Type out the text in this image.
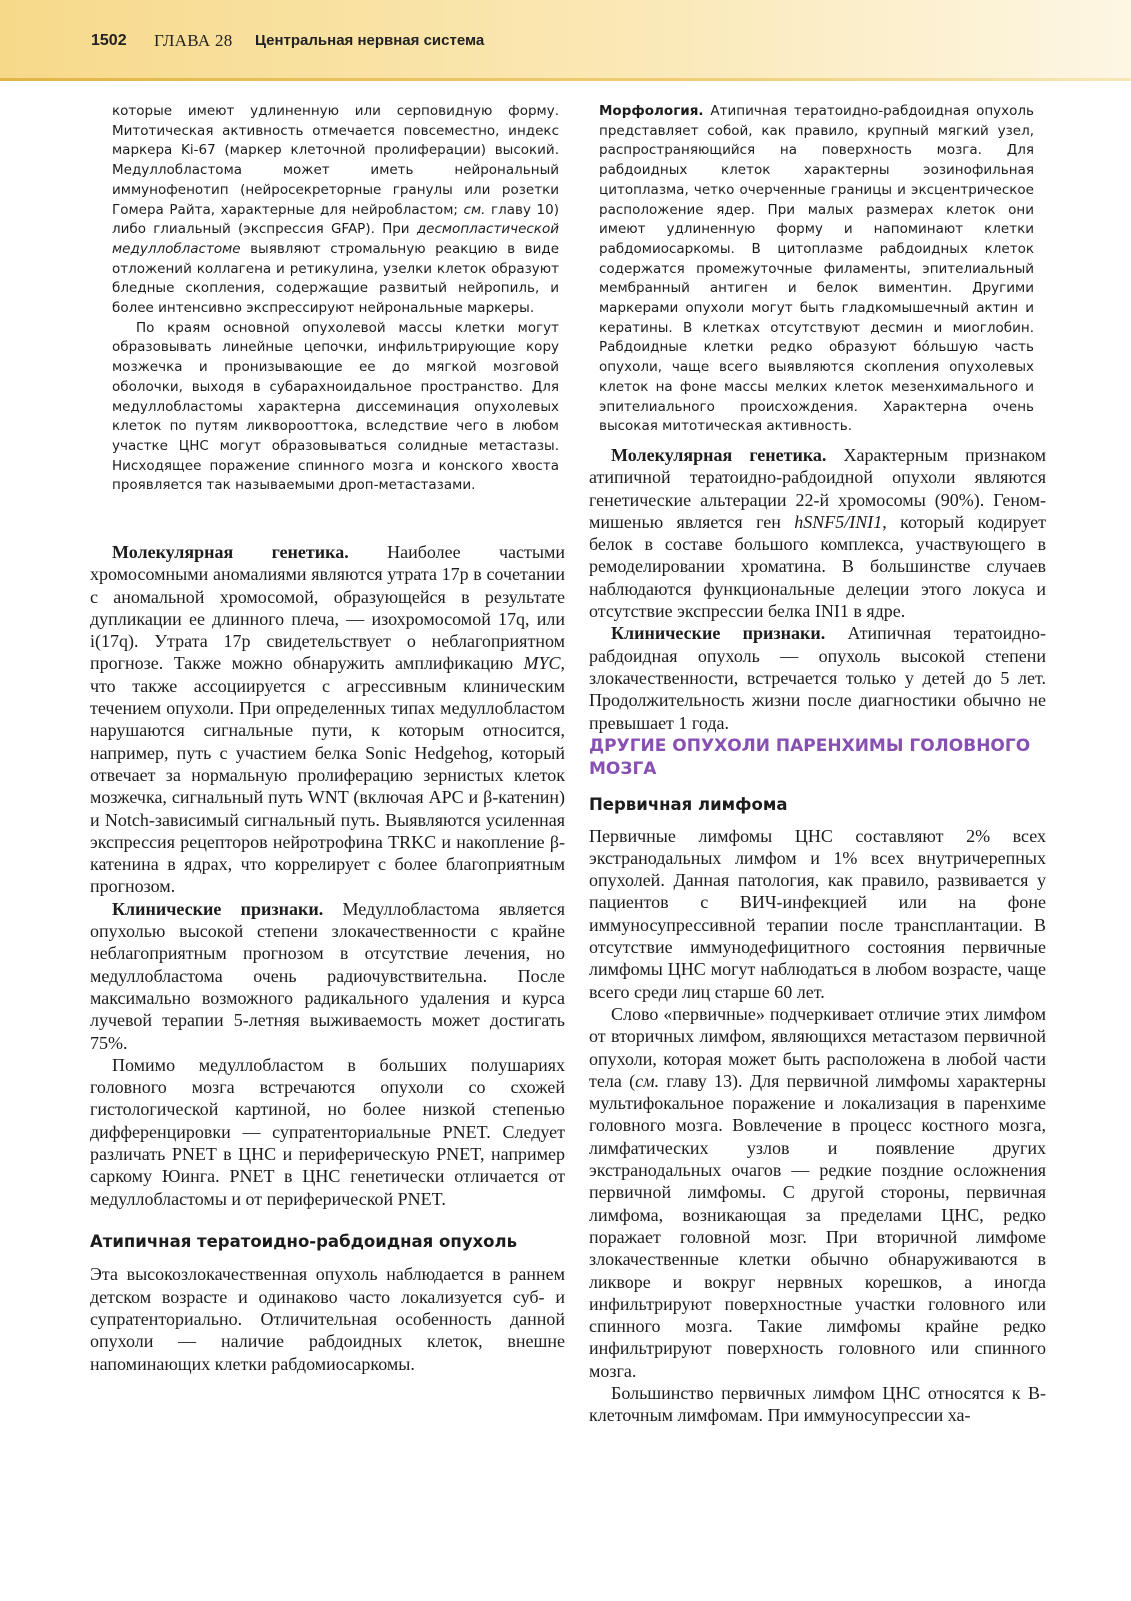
1502 ГЛАВА 28 Центральная нервная система

которые имеют удлиненную или серповидную форму. Митотическая активность отмечается повсеместно, индекс маркера Ki-67 (маркер клеточной пролиферации) высокий. Медуллобластома может иметь нейрональный иммунофенотип (нейросекреторные гранулы или розетки Гомера Райта, характерные для нейробластом; см. главу 10) либо глиальный (экспрессия GFAP). При десмопластической медуллобластоме выявляют стромальную реакцию в виде отложений коллагена и ретикулина, узелки клеток образуют бледные скопления, содержащие развитый нейропиль, и более интенсивно экспрессируют нейрональные маркеры.

По краям основной опухолевой массы клетки могут образовывать линейные цепочки, инфильтрирующие кору мозжечка и пронизывающие ее до мягкой мозговой оболочки, выходя в субарахноидальное пространство. Для медуллобластомы характерна диссеминация опухолевых клеток по путям ликворооттока, вследствие чего в любом участке ЦНС могут образовываться солидные метастазы. Нисходящее поражение спинного мозга и конского хвоста проявляется так называемыми дроп-метастазами.

Молекулярная генетика. Наиболее частыми хромосомными аномалиями являются утрата 17p в сочетании с аномальной хромосомой, образующейся в результате дупликации ее длинного плеча, — изохромосомой 17q, или i(17q). Утрата 17p свидетельствует о неблагоприятном прогнозе. Также можно обнаружить амплификацию MYC, что также ассоциируется с агрессивным клиническим течением опухоли. При определенных типах медуллобластом нарушаются сигнальные пути, к которым относится, например, путь с участием белка Sonic Hedgehog, который отвечает за нормальную пролиферацию зернистых клеток мозжечка, сигнальный путь WNT (включая APC и β-катенин) и Notch-зависимый сигнальный путь. Выявляются усиленная экспрессия рецепторов нейротрофина TRKC и накопление β-катенина в ядрах, что коррелирует с более благоприятным прогнозом.

Клинические признаки. Медуллобластома является опухолью высокой степени злокачественности с крайне неблагоприятным прогнозом в отсутствие лечения, но медуллобластома очень радиочувствительна. После максимально возможного радикального удаления и курса лучевой терапии 5-летняя выживаемость может достигать 75%.

Помимо медуллобластом в больших полушариях головного мозга встречаются опухоли со схожей гистологической картиной, но более низкой степенью дифференцировки — супратенториальные PNET. Следует различать PNET в ЦНС и периферическую PNET, например саркому Юинга. PNET в ЦНС генетически отличается от медуллобластомы и от периферической PNET.

Атипичная тератоидно-рабдоидная опухоль

Эта высокозлокачественная опухоль наблюдается в раннем детском возрасте и одинаково часто локализуется суб- и супратенториально. Отличительная особенность данной опухоли — наличие рабдоидных клеток, внешне напоминающих клетки рабдомиосаркомы.

Морфология. Атипичная тератоидно-рабдоидная опухоль представляет собой, как правило, крупный мягкий узел, распространяющийся на поверхность мозга. Для рабдоидных клеток характерны эозинофильная цитоплазма, четко очерченные границы и эксцентрическое расположение ядер. При малых размерах клеток они имеют удлиненную форму и напоминают клетки рабдомиосаркомы. В цитоплазме рабдоидных клеток содержатся промежуточные филаменты, эпителиальный мембранный антиген и белок виментин. Другими маркерами опухоли могут быть гладкомышечный актин и кератины. В клетках отсутствуют десмин и миоглобин. Рабдоидные клетки редко образуют бо́льшую часть опухоли, чаще всего выявляются скопления опухолевых клеток на фоне массы мелких клеток мезенхимального и эпителиального происхождения. Характерна очень высокая митотическая активность.

Молекулярная генетика. Характерным признаком атипичной тератоидно-рабдоидной опухоли являются генетические альтерации 22-й хромосомы (90%). Геном-мишенью является ген hSNF5/INI1, который кодирует белок в составе большого комплекса, участвующего в ремоделировании хроматина. В большинстве случаев наблюдаются функциональные делеции этого локуса и отсутствие экспрессии белка INI1 в ядре.

Клинические признаки. Атипичная тератоидно-рабдоидная опухоль — опухоль высокой степени злокачественности, встречается только у детей до 5 лет. Продолжительность жизни после диагностики обычно не превышает 1 года.

ДРУГИЕ ОПУХОЛИ ПАРЕНХИМЫ ГОЛОВНОГО МОЗГА
Первичная лимфома

Первичные лимфомы ЦНС составляют 2% всех экстранодальных лимфом и 1% всех внутричерепных опухолей. Данная патология, как правило, развивается у пациентов с ВИЧ-инфекцией или на фоне иммуносупрессивной терапии после трансплантации. В отсутствие иммунодефицитного состояния первичные лимфомы ЦНС могут наблюдаться в любом возрасте, чаще всего среди лиц старше 60 лет.

Слово «первичные» подчеркивает отличие этих лимфом от вторичных лимфом, являющихся метастазом первичной опухоли, которая может быть расположена в любой части тела (см. главу 13). Для первичной лимфомы характерны мультифокальное поражение и локализация в паренхиме головного мозга. Вовлечение в процесс костного мозга, лимфатических узлов и появление других экстранодальных очагов — редкие поздние осложнения первичной лимфомы. С другой стороны, первичная лимфома, возникающая за пределами ЦНС, редко поражает головной мозг. При вторичной лимфоме злокачественные клетки обычно обнаруживаются в ликворе и вокруг нервных корешков, а иногда инфильтрируют поверхностные участки головного или спинного мозга. Такие лимфомы крайне редко инфильтрируют поверхность головного или спинного мозга.

Большинство первичных лимфом ЦНС относятся к B-клеточным лимфомам. При иммуносупрессии ха-
